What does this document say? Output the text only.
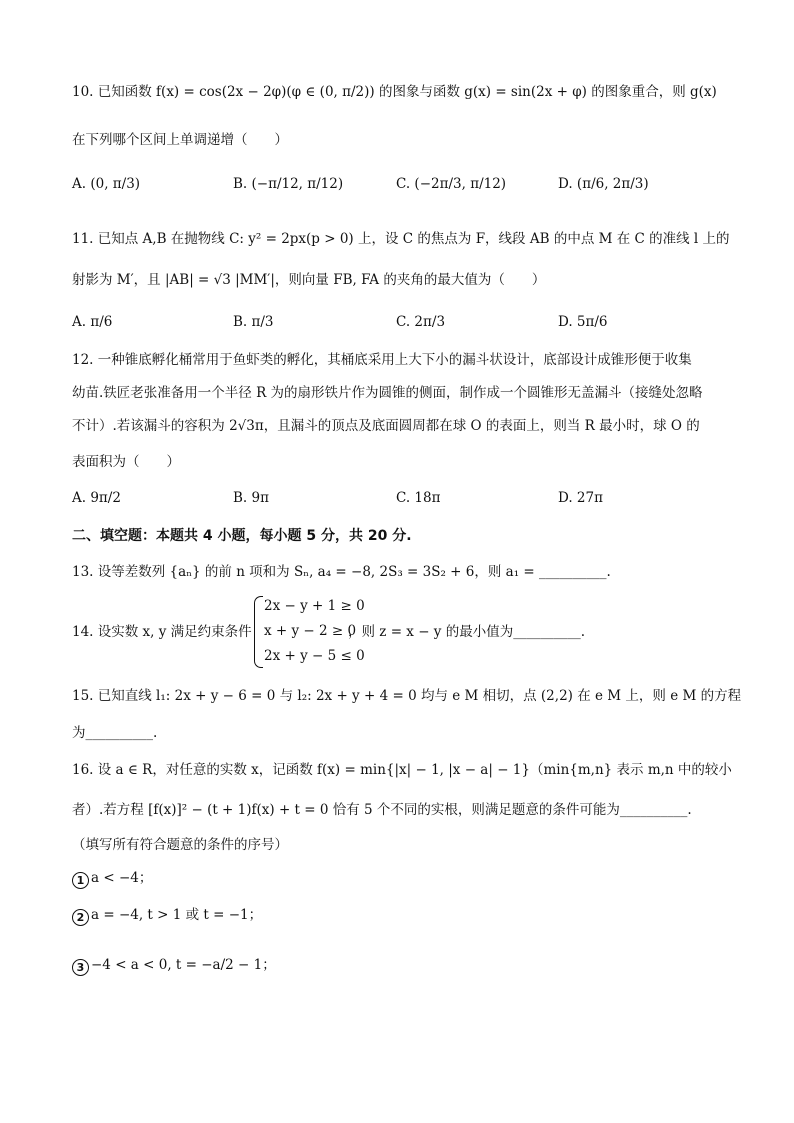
10. 已知函数 f(x) = cos(2x − 2φ)(φ ∈ (0, π/2)) 的图象与函数 g(x) = sin(2x + φ) 的图象重合，则 g(x)
在下列哪个区间上单调递增（　　）
A. (0, π/3)	B. (−π/12, π/12)	C. (−2π/3, π/12)	D. (π/6, 2π/3)
11. 已知点 A,B 在抛物线 C: y² = 2px(p > 0) 上，设 C 的焦点为 F，线段 AB 的中点 M 在 C 的准线 l 上的
射影为 M′，且 |AB| = √3 |MM′|，则向量 FB, FA 的夹角的最大值为（　　）
A. π/6	B. π/3	C. 2π/3	D. 5π/6
12. 一种锥底孵化桶常用于鱼虾类的孵化，其桶底采用上大下小的漏斗状设计，底部设计成锥形便于收集
幼苗.铁匠老张准备用一个半径 R 为的扇形铁片作为圆锥的侧面，制作成一个圆锥形无盖漏斗（接缝处忽略
不计）.若该漏斗的容积为 2√3π，且漏斗的顶点及底面圆周都在球 O 的表面上，则当 R 最小时，球 O 的
表面积为（　　）
A. 9π/2	B. 9π	C. 18π	D. 27π
二、填空题：本题共 4 小题，每小题 5 分，共 20 分.
13. 设等差数列 {aₙ} 的前 n 项和为 Sₙ, a₄ = −8, 2S₃ = 3S₂ + 6，则 a₁ = __________.
14. 设实数 x, y 满足约束条件
2x − y + 1 ≥ 0
x + y − 2 ≥ 0
2x + y − 5 ≤ 0
，则 z = x − y 的最小值为__________.
15. 已知直线 l₁: 2x + y − 6 = 0 与 l₂: 2x + y + 4 = 0 均与 e M 相切，点 (2,2) 在 e M 上，则 e M 的方程
为__________.
16. 设 a ∈ R，对任意的实数 x，记函数 f(x) = min{|x| − 1, |x − a| − 1}（min{m,n} 表示 m,n 中的较小
者）.若方程 [f(x)]² − (t + 1)f(x) + t = 0 恰有 5 个不同的实根，则满足题意的条件可能为__________.
（填写所有符合题意的条件的序号）
1 a < −4；
2 a = −4, t > 1 或 t = −1；
3 −4 < a < 0, t = −a/2 − 1；
